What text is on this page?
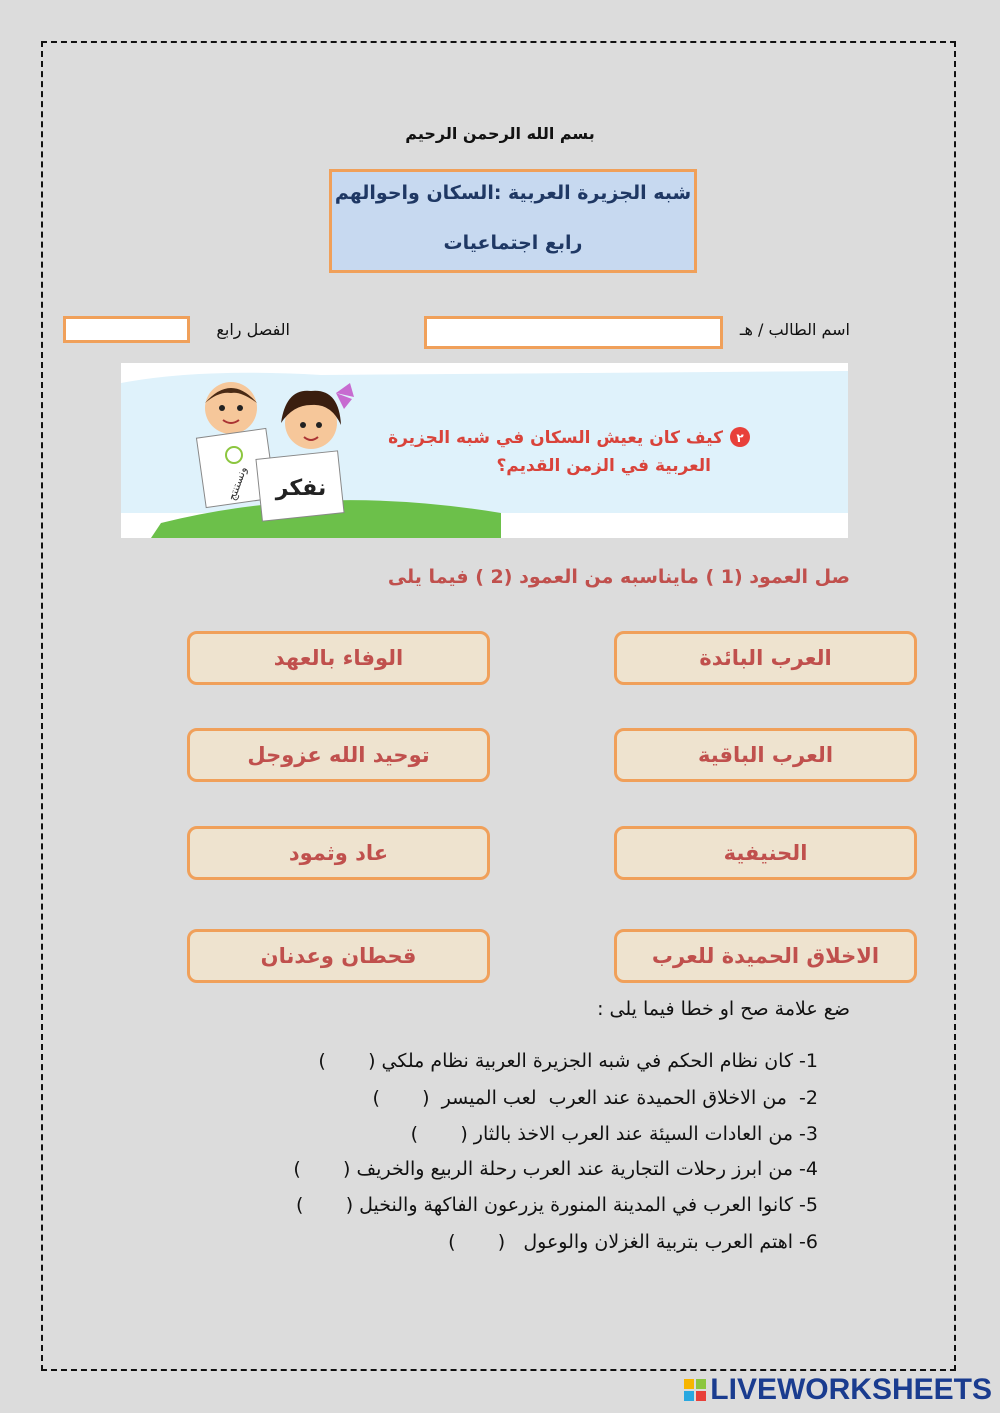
بسم الله الرحمن الرحيم
شبه الجزيرة العربية :السكان واحوالهم
رابع اجتماعيات
اسم الطالب / هـ
الفصل رابع
ونستنتج نفكر
٢
كيف كان يعيش السكان في شبه الجزيرة
العربية في الزمن القديم؟
صل العمود (1 ) مايناسبه من العمود (2 ) فيما يلى
العرب البائدة
العرب الباقية
الحنيفية
الاخلاق الحميدة للعرب
الوفاء بالعهد
توحيد الله عزوجل
عاد وثمود
قحطان وعدنان
ضع علامة صح او خطا فيما يلى :
1- كان نظام الحكم في شبه الجزيرة العربية نظام ملكي (       )
2-  من الاخلاق الحميدة عند العرب  لعب الميسر  (       )
3- من العادات السيئة عند العرب الاخذ بالثار (       )
4- من ابرز رحلات التجارية عند العرب رحلة الربيع والخريف (       )
5- كانوا العرب في المدينة المنورة يزرعون الفاكهة والنخيل (       )
6- اهتم العرب بتربية الغزلان والوعول   (       )
LIVEWORKSHEETS
